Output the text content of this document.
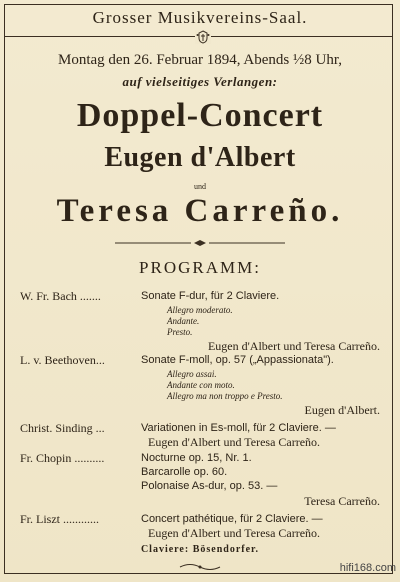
Grosser Musikvereins-Saal.
Montag den 26. Februar 1894, Abends ½8 Uhr,
auf vielseitiges Verlangen:
Doppel-Concert
Eugen d'Albert
und
Teresa Carreño.
PROGRAMM:
W. Fr. Bach .......	Sonate F-dur, für 2 Claviere.
Allegro moderato.
Andante.
Presto.
Eugen d'Albert und Teresa Carreño.
L. v. Beethoven...	Sonate F-moll, op. 57 („Appassionata").
Allegro assai.
Andante con moto.
Allegro ma non troppo e Presto.
Eugen d'Albert.
Christ. Sinding ...	Variationen in Es-moll, für 2 Claviere. —
Eugen d'Albert und Teresa Carreño.
Fr. Chopin ..........	Nocturne op. 15, Nr. 1.
Barcarolle op. 60.
Polonaise As-dur, op. 53. —
Teresa Carreño.
Fr. Liszt ............	Concert pathétique, für 2 Claviere. —
Eugen d'Albert und Teresa Carreño.
Claviere: Bösendorfer.
hifi168.com
